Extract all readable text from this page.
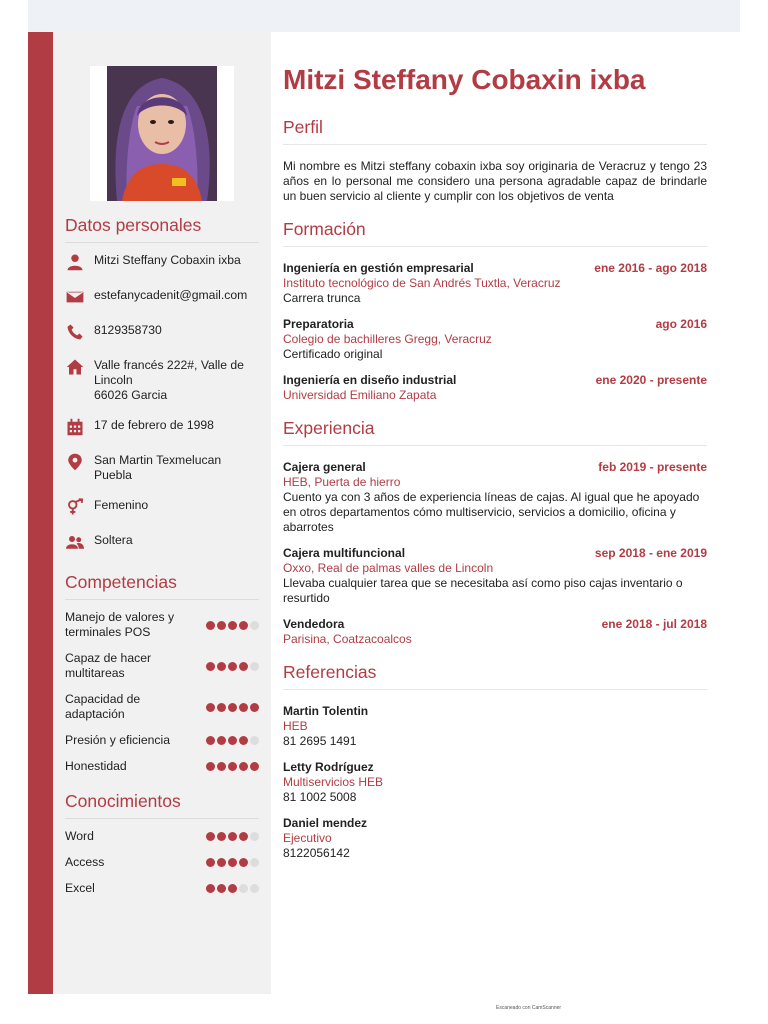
Datos personales
Mitzi Steffany Cobaxin ixba
estefanycadenit@gmail.com
8129358730
Valle francés 222#, Valle de Lincoln
66026 Garcia
17 de febrero de 1998
San Martin Texmelucan Puebla
Femenino
Soltera
Competencias
Manejo de valores y terminales POS
Capaz de hacer multitareas
Capacidad de adaptación
Presión y eficiencia
Honestidad
Conocimientos
Word
Access
Excel
Mitzi Steffany Cobaxin ixba
Perfil
Mi nombre es Mitzi steffany cobaxin ixba soy originaria de Veracruz y tengo 23 años en lo personal me considero una persona agradable capaz de brindarle un buen servicio al cliente y cumplir con los objetivos de venta
Formación
Ingeniería en gestión empresarial	ene 2016 - ago 2018
Instituto tecnológico de San Andrés Tuxtla, Veracruz
Carrera trunca
Preparatoria	ago 2016
Colegio de bachilleres Gregg, Veracruz
Certificado original
Ingeniería en diseño industrial	ene 2020 - presente
Universidad Emiliano Zapata
Experiencia
Cajera general	feb 2019 - presente
HEB, Puerta de hierro
Cuento ya con 3 años de experiencia líneas de cajas. Al igual que he apoyado en otros departamentos cómo multiservicio, servicios a domicilio, oficina y abarrotes
Cajera multifuncional	sep 2018 - ene 2019
Oxxo, Real de palmas valles de Lincoln
Llevaba cualquier tarea que se necesitaba así como piso cajas inventario o resurtido
Vendedora	ene 2018 - jul 2018
Parisina, Coatzacoalcos
Referencias
Martin Tolentin
HEB
81 2695 1491
Letty Rodríguez
Multiservicios HEB
81 1002 5008
Daniel mendez
Ejecutivo
8122056142
Escaneado con CamScanner
